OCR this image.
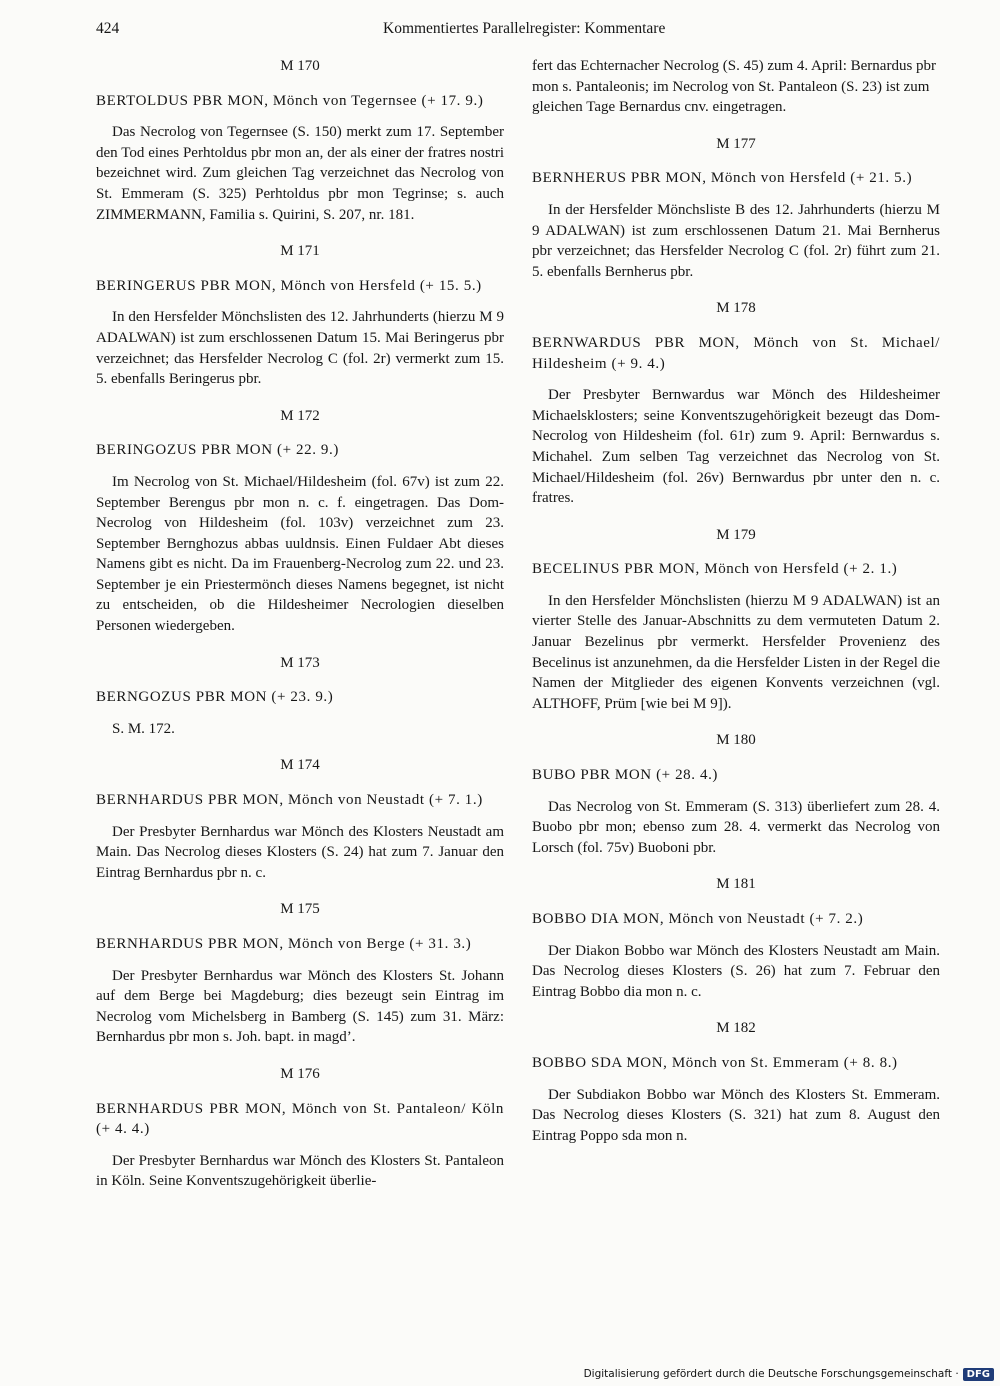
424	Kommentiertes Parallelregister: Kommentare

M 170

BERTOLDUS PBR MON, Mönch von Tegernsee (+ 17. 9.)

Das Necrolog von Tegernsee (S. 150) merkt zum 17. September den Tod eines Perhtoldus pbr mon an, der als einer der fratres nostri bezeichnet wird. Zum gleichen Tag verzeichnet das Necrolog von St. Emmeram (S. 325) Perhtoldus pbr mon Tegrinse; s. auch ZIMMERMANN, Familia s. Quirini, S. 207, nr. 181.

M 171

BERINGERUS PBR MON, Mönch von Hersfeld (+ 15. 5.)

In den Hersfelder Mönchslisten des 12. Jahrhunderts (hierzu M 9 ADALWAN) ist zum erschlossenen Datum 15. Mai Beringerus pbr verzeichnet; das Hersfelder Necrolog C (fol. 2r) vermerkt zum 15. 5. ebenfalls Beringerus pbr.

M 172

BERINGOZUS PBR MON (+ 22. 9.)

Im Necrolog von St. Michael/Hildesheim (fol. 67v) ist zum 22. September Berengus pbr mon n. c. f. eingetragen. Das Dom-Necrolog von Hildesheim (fol. 103v) verzeichnet zum 23. September Bernghozus abbas uuldnsis. Einen Fuldaer Abt dieses Namens gibt es nicht. Da im Frauenberg-Necrolog zum 22. und 23. September je ein Priestermönch dieses Namens begegnet, ist nicht zu entscheiden, ob die Hildesheimer Necrologien dieselben Personen wiedergeben.

M 173

BERNGOZUS PBR MON (+ 23. 9.)

S. M. 172.

M 174

BERNHARDUS PBR MON, Mönch von Neustadt (+ 7. 1.)

Der Presbyter Bernhardus war Mönch des Klosters Neustadt am Main. Das Necrolog dieses Klosters (S. 24) hat zum 7. Januar den Eintrag Bernhardus pbr n. c.

M 175

BERNHARDUS PBR MON, Mönch von Berge (+ 31. 3.)

Der Presbyter Bernhardus war Mönch des Klosters St. Johann auf dem Berge bei Magdeburg; dies bezeugt sein Eintrag im Necrolog vom Michelsberg in Bamberg (S. 145) zum 31. März: Bernhardus pbr mon s. Joh. bapt. in magd’.

M 176

BERNHARDUS PBR MON, Mönch von St. Pantaleon/ Köln (+ 4. 4.)

Der Presbyter Bernhardus war Mönch des Klosters St. Pantaleon in Köln. Seine Konventszugehörigkeit überlie-

fert das Echternacher Necrolog (S. 45) zum 4. April: Bernardus pbr mon s. Pantaleonis; im Necrolog von St. Pantaleon (S. 23) ist zum gleichen Tage Bernardus cnv. eingetragen.

M 177

BERNHERUS PBR MON, Mönch von Hersfeld (+ 21. 5.)

In der Hersfelder Mönchsliste B des 12. Jahrhunderts (hierzu M 9 ADALWAN) ist zum erschlossenen Datum 21. Mai Bernherus pbr verzeichnet; das Hersfelder Necrolog C (fol. 2r) führt zum 21. 5. ebenfalls Bernherus pbr.

M 178

BERNWARDUS PBR MON, Mönch von St. Michael/ Hildesheim (+ 9. 4.)

Der Presbyter Bernwardus war Mönch des Hildesheimer Michaelsklosters; seine Konventszugehörigkeit bezeugt das Dom-Necrolog von Hildesheim (fol. 61r) zum 9. April: Bernwardus s. Michahel. Zum selben Tag verzeichnet das Necrolog von St. Michael/Hildesheim (fol. 26v) Bernwardus pbr unter den n. c. fratres.

M 179

BECELINUS PBR MON, Mönch von Hersfeld (+ 2. 1.)

In den Hersfelder Mönchslisten (hierzu M 9 ADALWAN) ist an vierter Stelle des Januar-Abschnitts zu dem vermuteten Datum 2. Januar Bezelinus pbr vermerkt. Hersfelder Provenienz des Becelinus ist anzunehmen, da die Hersfelder Listen in der Regel die Namen der Mitglieder des eigenen Konvents verzeichnen (vgl. ALTHOFF, Prüm [wie bei M 9]).

M 180

BUBO PBR MON (+ 28. 4.)

Das Necrolog von St. Emmeram (S. 313) überliefert zum 28. 4. Buobo pbr mon; ebenso zum 28. 4. vermerkt das Necrolog von Lorsch (fol. 75v) Buoboni pbr.

M 181

BOBBO DIA MON, Mönch von Neustadt (+ 7. 2.)

Der Diakon Bobbo war Mönch des Klosters Neustadt am Main. Das Necrolog dieses Klosters (S. 26) hat zum 7. Februar den Eintrag Bobbo dia mon n. c.

M 182

BOBBO SDA MON, Mönch von St. Emmeram (+ 8. 8.)

Der Subdiakon Bobbo war Mönch des Klosters St. Emmeram. Das Necrolog dieses Klosters (S. 321) hat zum 8. August den Eintrag Poppo sda mon n.

Digitalisierung gefördert durch die Deutsche Forschungsgemeinschaft · DFG
